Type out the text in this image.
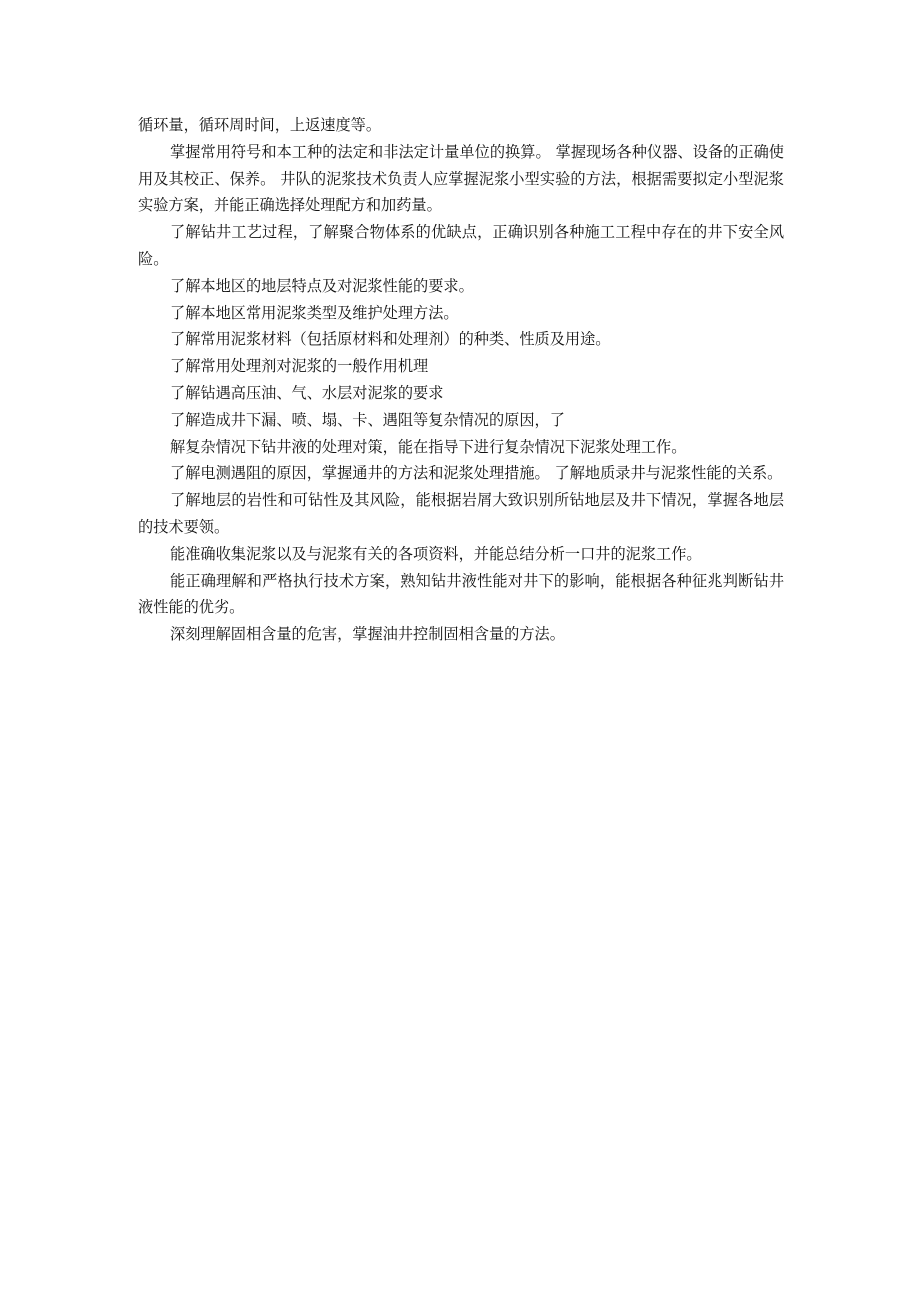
循环量，循环周时间，上返速度等。

掌握常用符号和本工种的法定和非法定计量单位的换算。 掌握现场各种仪器、设备的正确使用及其校正、保养。 井队的泥浆技术负责人应掌握泥浆小型实验的方法，根据需要拟定小型泥浆实验方案，并能正确选择处理配方和加药量。

了解钻井工艺过程，了解聚合物体系的优缺点，正确识别各种施工工程中存在的井下安全风险。

了解本地区的地层特点及对泥浆性能的要求。

了解本地区常用泥浆类型及维护处理方法。

了解常用泥浆材料（包括原材料和处理剂）的种类、性质及用途。

了解常用处理剂对泥浆的一般作用机理

了解钻遇高压油、气、水层对泥浆的要求

了解造成井下漏、喷、塌、卡、遇阻等复杂情况的原因，了

解复杂情况下钻井液的处理对策，能在指导下进行复杂情况下泥浆处理工作。

了解电测遇阻的原因，掌握通井的方法和泥浆处理措施。 了解地质录井与泥浆性能的关系。

了解地层的岩性和可钻性及其风险，能根据岩屑大致识别所钻地层及井下情况，掌握各地层的技术要领。

能准确收集泥浆以及与泥浆有关的各项资料，并能总结分析一口井的泥浆工作。

能正确理解和严格执行技术方案，熟知钻井液性能对井下的影响，能根据各种征兆判断钻井液性能的优劣。

深刻理解固相含量的危害，掌握油井控制固相含量的方法。
